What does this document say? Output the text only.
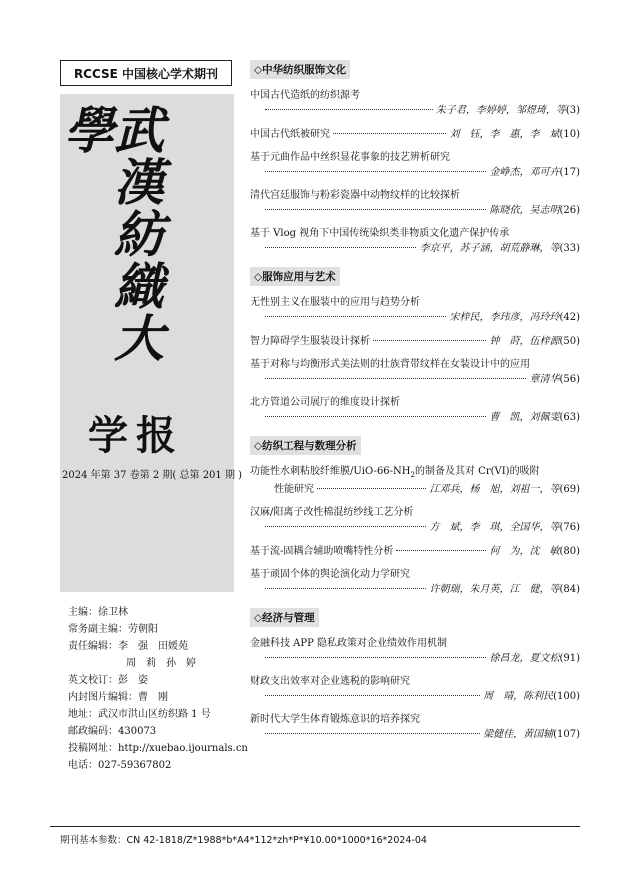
RCCSE 中国核心学术期刊
武漢紡織大學
学报
2024 年第 37 卷第 2 期( 总第 201 期 )
主编：徐卫林
常务副主编：劳朝阳
责任编辑：李　强　田媛苑
周　莉　孙　婷
英文校订：彭　姿
内封图片编辑：曹　刚
地址：武汉市洪山区纺织路 1 号
邮政编码：430073
投稿网址：http://xuebao.ijournals.cn
电话：027-59367802
◇中华纺织服饰文化
中国古代造纸的纺织源考
朱子君，李婷婷，邹煜琦，等 (3)
中国古代纸被研究	刘　钰，李　惠，李　斌 (10)
基于元曲作品中丝织显花事象的技艺辨析研究
金峥杰，邓可卉 (17)
清代宫廷服饰与粉彩瓷器中动物纹样的比较探析
陈晓依，吴志明 (26)
基于 Vlog 视角下中国传统染织类非物质文化遗产保护传承
李京平，苏子涵，胡荒静琳，等 (33)
◇服饰应用与艺术
无性别主义在服装中的应用与趋势分析
宋梓民，李玮彦，冯玲玲 (42)
智力障碍学生服装设计探析	钟　莳，伍梓源 (50)
基于对称与均衡形式美法则的壮族背带纹样在女装设计中的应用
章清华 (56)
北方管道公司展厅的维度设计探析
曹　凯，刘佩雯 (63)
◇纺织工程与数理分析
功能性水刺粘胶纤维膜$/UiO-66-NH_2$的制备及其对 Cr(VI)的吸附
性能研究	江邓兵，杨　旭，刘祖一，等 (69)
汉麻/阳离子改性棉混纺纱线工艺分析
方　斌，李　琪，全国华，等 (76)
基于流-固耦合辅助喷嘴特性分析	何　为，沈　敏 (80)
基于顽固个体的舆论演化动力学研究
许朝瑞，朱月英，江　健，等 (84)
◇经济与管理
金融科技 APP 隐私政策对企业绩效作用机制
徐昌龙，夏文松 (91)
财政支出效率对企业逃税的影响研究
周　靖，陈利民 (100)
新时代大学生体育锻炼意识的培养探究
梁健佳，黄国辅 (107)
期刊基本参数：CN 42-1818/Z*1988*b*A4*112*zh*P*¥10.00*1000*16*2024-04
